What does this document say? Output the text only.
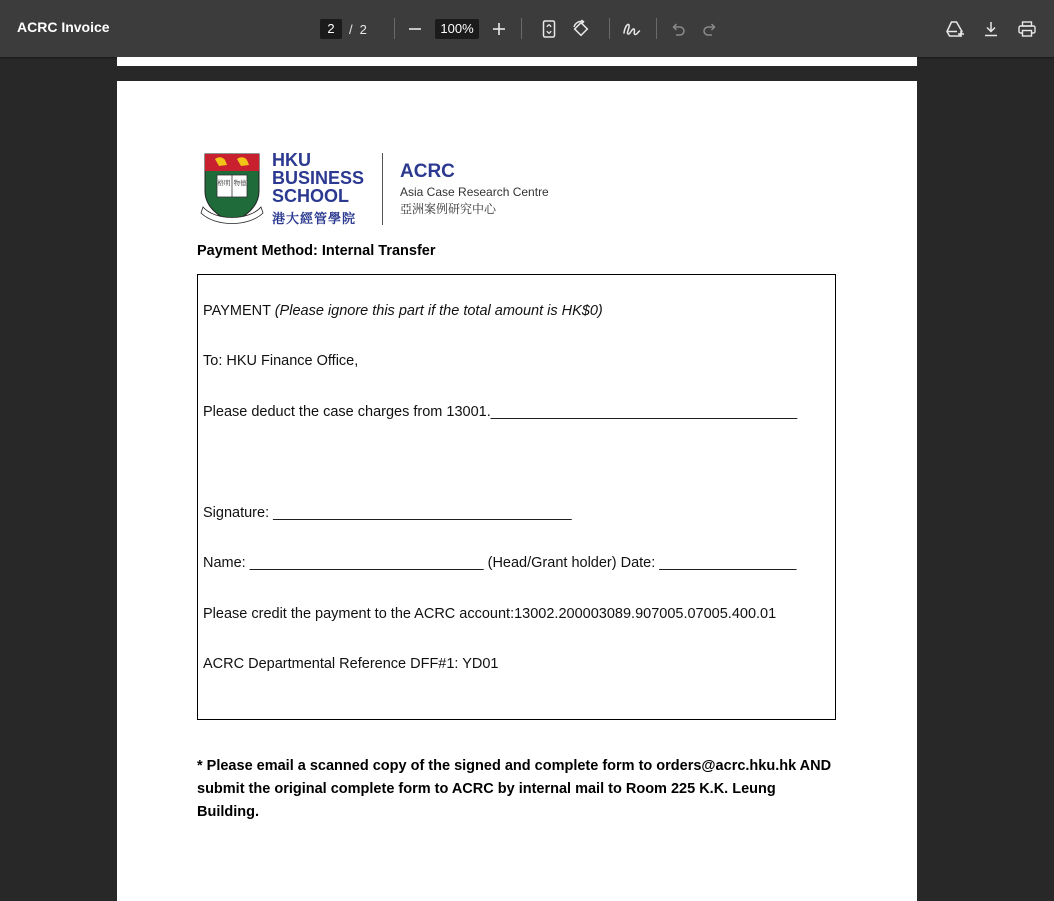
ACRC Invoice	2	/ 2	100%
格明 物德
HKU
BUSINESS
SCHOOL
港大經管學院
ACRC
Asia Case Research Centre
亞洲案例研究中心
Payment Method: Internal Transfer
PAYMENT (Please ignore this part if the total amount is HK$0)
To: HKU Finance Office,
Please deduct the case charges from 13001.______________________________________
Signature: _____________________________________
Name: _____________________________ (Head/Grant holder) Date: _________________
Please credit the payment to the ACRC account:13002.200003089.907005.07005.400.01
ACRC Departmental Reference DFF#1: YD01
* Please email a scanned copy of the signed and complete form to orders@acrc.hku.hk AND submit the original complete form to ACRC by internal mail to Room 225 K.K. Leung Building.
